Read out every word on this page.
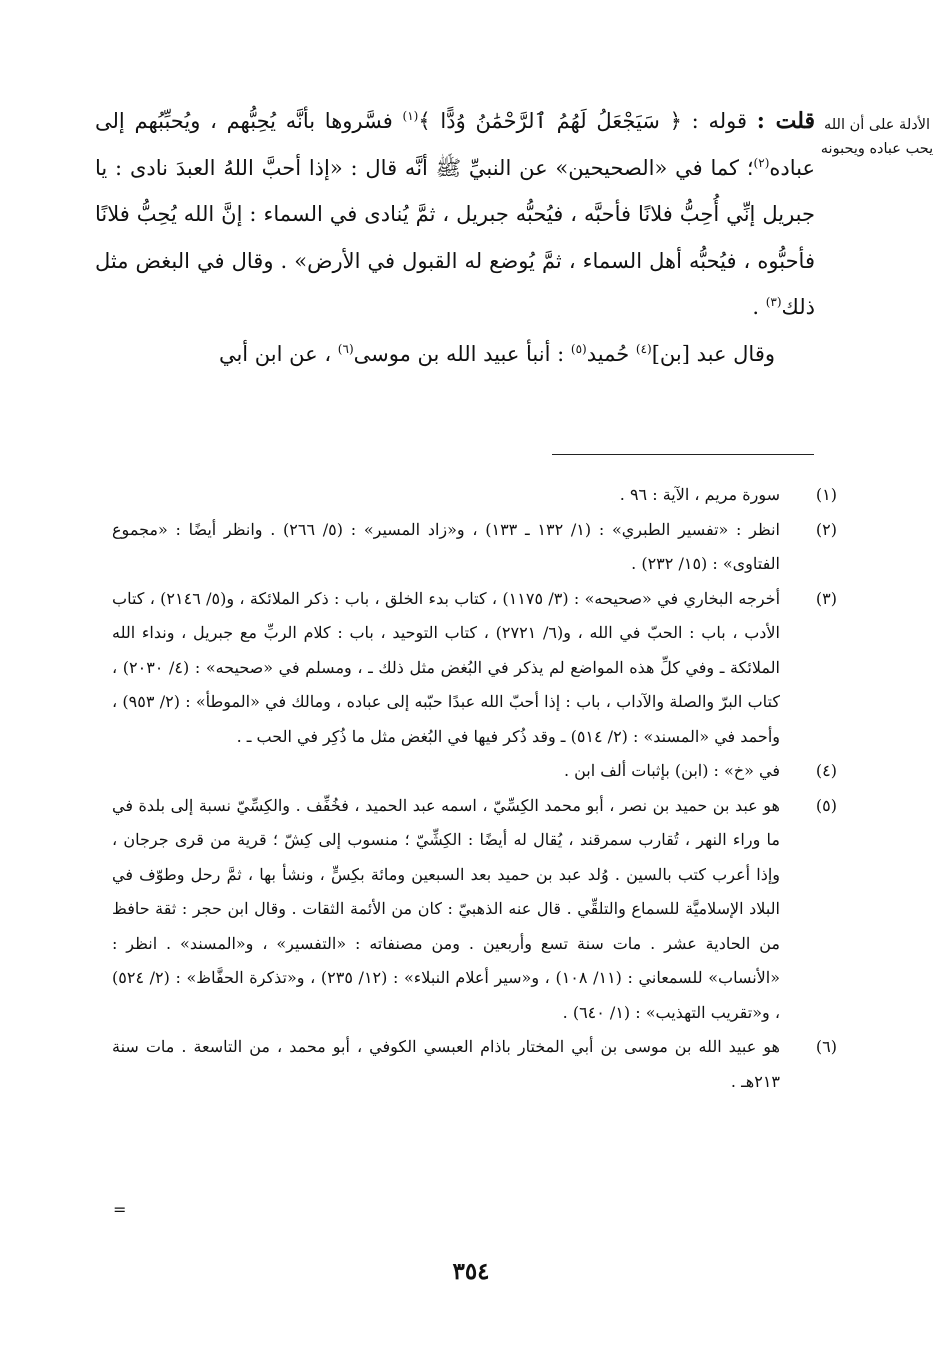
الأدلة على أن الله
يحب عباده ويحبونه

قلت : قوله : ﴿ سَيَجْعَلُ لَهُمُ ٱلرَّحْمَٰنُ وُدًّا ﴾$^{(١)}$ فسَّروها بأنَّه يُحِبُّهم ، ويُحبِّبُهم إلى عباده$^{(٢)}$؛ كما في «الصحيحين» عن النبيِّ ﷺ أنَّه قال : «إذا أحبَّ اللهُ العبدَ نادى : يا جبريل إنِّي أُحِبُّ فلانًا فأحبَّه ، فيُحبُّه جبريل ، ثمَّ يُنادى في السماء : إنَّ الله يُحِبُّ فلانًا فأحبُّوه ، فيُحبُّه أهل السماء ، ثمَّ يُوضع له القبول في الأرض» . وقال في البغض مثل ذلك$^{(٣)}$ .

وقال عبد [بن]$^{(٤)}$ حُميد$^{(٥)}$ : أنبأ عبيد الله بن موسى$^{(٦)}$ ، عن ابن أبي

(١)
سورة مريم ، الآية : ٩٦ .
(٢)
انظر : «تفسير الطبري» : (١/ ١٣٢ ـ ١٣٣) ، و«زاد المسير» : (٥/ ٢٦٦) . وانظر أيضًا : «مجموع الفتاوى» : (١٥/ ٢٣٢) .
(٣)
أخرجه البخاري في «صحيحه» : (٣/ ١١٧٥) ، كتاب بدء الخلق ، باب : ذكر الملائكة ، و(٥/ ٢١٤٦) ، كتاب الأدب ، باب : الحبّ في الله ، و(٦/ ٢٧٢١) ، كتاب التوحيد ، باب : كلام الربِّ مع جبريل ، ونداء الله الملائكة ـ وفي كلِّ هذه المواضع لم يذكر في البُغض مثل ذلك ـ ، ومسلم في «صحيحه» : (٤/ ٢٠٣٠) ، كتاب البرّ والصلة والآداب ، باب : إذا أحبّ الله عبدًا حبّبه إلى عباده ، ومالك في «الموطأ» : (٢/ ٩٥٣) ، وأحمد في «المسند» : (٢/ ٥١٤) ـ وقد ذُكر فيها في البُغض مثل ما ذُكِر في الحب ـ .
(٤)
في «خ» : (ابن) بإثبات ألف ابن .
(٥)
هو عبد بن حميد بن نصر ، أبو محمد الكِسِّيّ ، اسمه عبد الحميد ، فخُفِّف . والكِسِّيّ نسبة إلى بلدة في ما وراء النهر ، تُقارب سمرقند ، يُقال له أيضًا : الكِشِّيّ ؛ منسوب إلى كِشّ ؛ قرية من قرى جرجان ، وإذا أعرب كتب بالسين . وُلد عبد بن حميد بعد السبعين ومائة بكِسٍّ ، ونشأ بها ، ثمَّ رحل وطوّف في البلاد الإسلاميَّة للسماع والتلقِّي . قال عنه الذهبيّ : كان من الأئمة الثقات . وقال ابن حجر : ثقة حافظ من الحادية عشر . مات سنة تسع وأربعين . ومن مصنفاته : «التفسير» ، و«المسند» . انظر : «الأنساب» للسمعاني : (١١/ ١٠٨) ، و«سير أعلام النبلاء» : (١٢/ ٢٣٥) ، و«تذكرة الحفَّاظ» : (٢/ ٥٢٤) ، و«تقريب التهذيب» : (١/ ٦٤٠) .
(٦)
هو عبيد الله بن موسى بن أبي المختار باذام العبسي الكوفي ، أبو محمد ، من التاسعة . مات سنة ٢١٣هـ .
=
٣٥٤
